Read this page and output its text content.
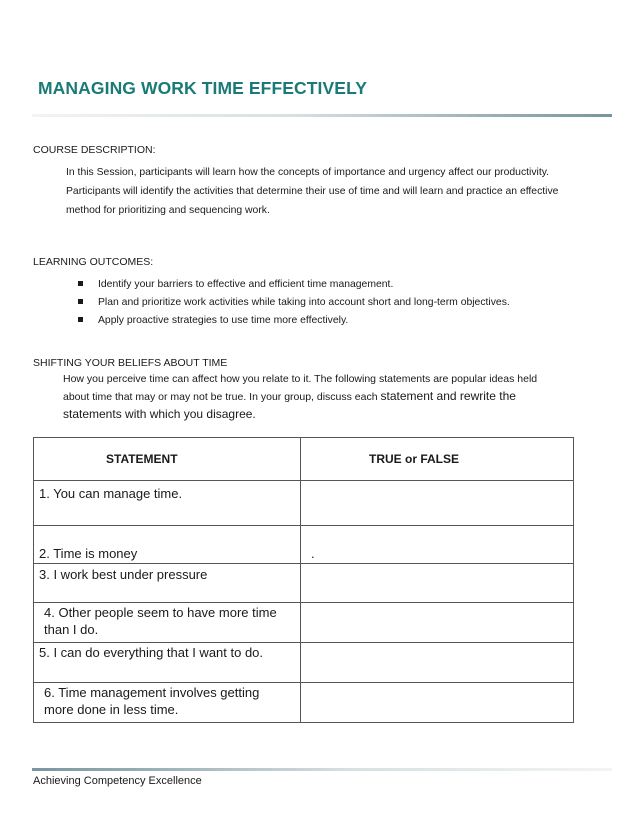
MANAGING WORK TIME EFFECTIVELY
COURSE DESCRIPTION:
In this Session, participants will learn how the concepts of importance and urgency affect our productivity. Participants will identify the activities that determine their use of time and will learn and practice an effective method for prioritizing and sequencing work.
LEARNING OUTCOMES:
Identify your barriers to effective and efficient time management.
Plan and prioritize work activities while taking into account short and long-term objectives.
Apply proactive strategies to use time more effectively.
SHIFTING YOUR BELIEFS ABOUT TIME
How you perceive time can affect how you relate to it. The following statements are popular ideas held about time that may or may not be true. In your group, discuss each statement and rewrite the statements with which you disagree.
STATEMENT	TRUE or FALSE
1. You can manage time.	
2. Time is money	.
3. I work best under pressure	
4. Other people seem to have more time than I do.	
5. I can do everything that I want to do.	
6. Time management involves getting more done in less time.	
Achieving Competency Excellence
